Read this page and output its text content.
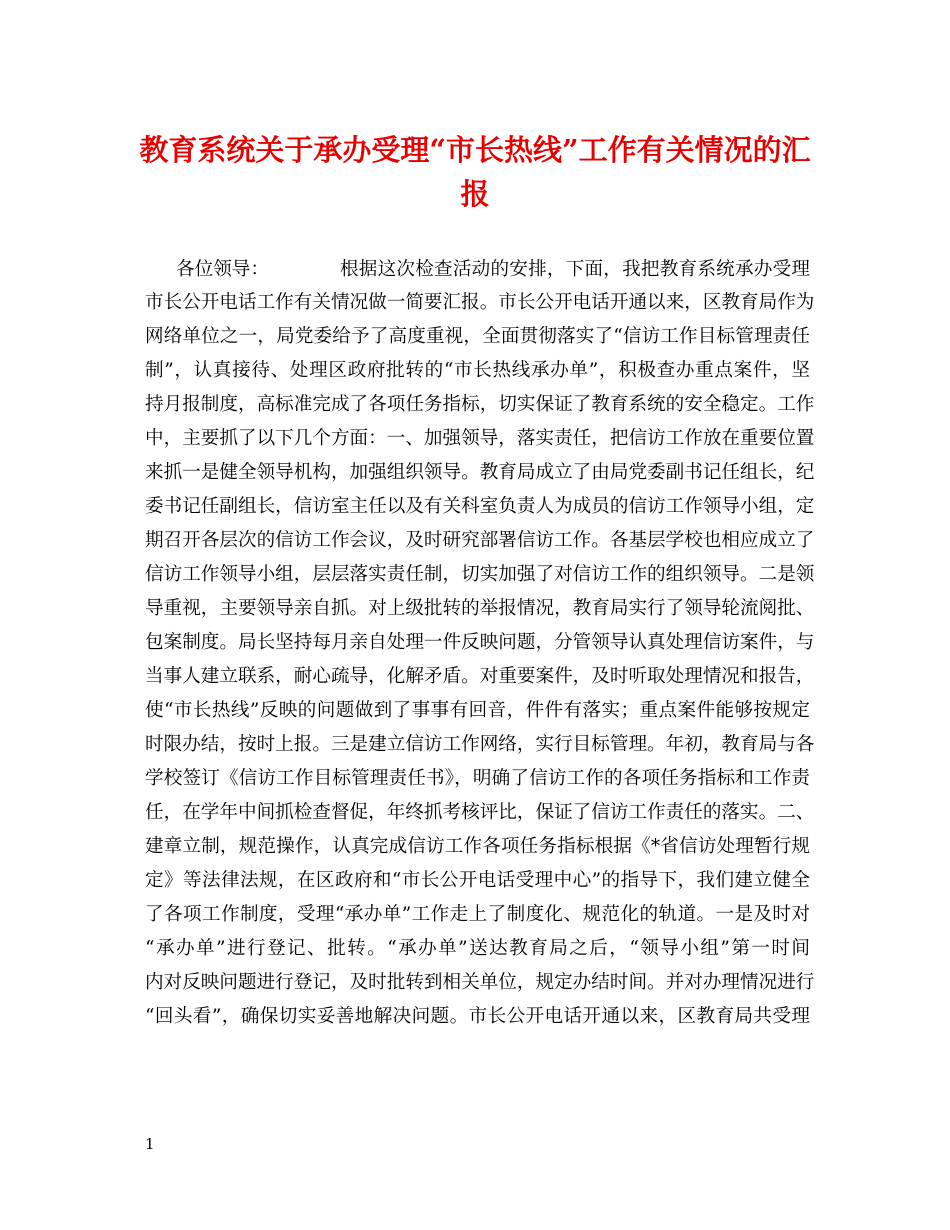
教育系统关于承办受理“市长热线”工作有关情况的汇
报
各位领导：	根据这次检查活动的安排，下面，我把教育系统承办受理

市长公开电话工作有关情况做一简要汇报。市长公开电话开通以来，区教育局作为

网络单位之一，局党委给予了高度重视，全面贯彻落实了“信访工作目标管理责任

制”，认真接待、处理区政府批转的“市长热线承办单”，积极查办重点案件，坚

持月报制度，高标准完成了各项任务指标，切实保证了教育系统的安全稳定。工作

中，主要抓了以下几个方面：一、加强领导，落实责任，把信访工作放在重要位置

来抓一是健全领导机构，加强组织领导。教育局成立了由局党委副书记任组长，纪

委书记任副组长，信访室主任以及有关科室负责人为成员的信访工作领导小组，定

期召开各层次的信访工作会议，及时研究部署信访工作。各基层学校也相应成立了

信访工作领导小组，层层落实责任制，切实加强了对信访工作的组织领导。二是领

导重视，主要领导亲自抓。对上级批转的举报情况，教育局实行了领导轮流阅批、

包案制度。局长坚持每月亲自处理一件反映问题，分管领导认真处理信访案件，与

当事人建立联系，耐心疏导，化解矛盾。对重要案件，及时听取处理情况和报告，

使“市长热线”反映的问题做到了事事有回音，件件有落实；重点案件能够按规定

时限办结，按时上报。三是建立信访工作网络，实行目标管理。年初，教育局与各

学校签订《信访工作目标管理责任书》，明确了信访工作的各项任务指标和工作责

任，在学年中间抓检查督促，年终抓考核评比，保证了信访工作责任的落实。二、

建章立制，规范操作，认真完成信访工作各项任务指标根据《*省信访处理暂行规

定》等法律法规，在区政府和“市长公开电话受理中心”的指导下，我们建立健全

了各项工作制度，受理“承办单”工作走上了制度化、规范化的轨道。一是及时对

“承办单”进行登记、批转。“承办单”送达教育局之后，“领导小组”第一时间

内对反映问题进行登记，及时批转到相关单位，规定办结时间。并对办理情况进行

“回头看”，确保切实妥善地解决问题。市长公开电话开通以来，区教育局共受理

1
